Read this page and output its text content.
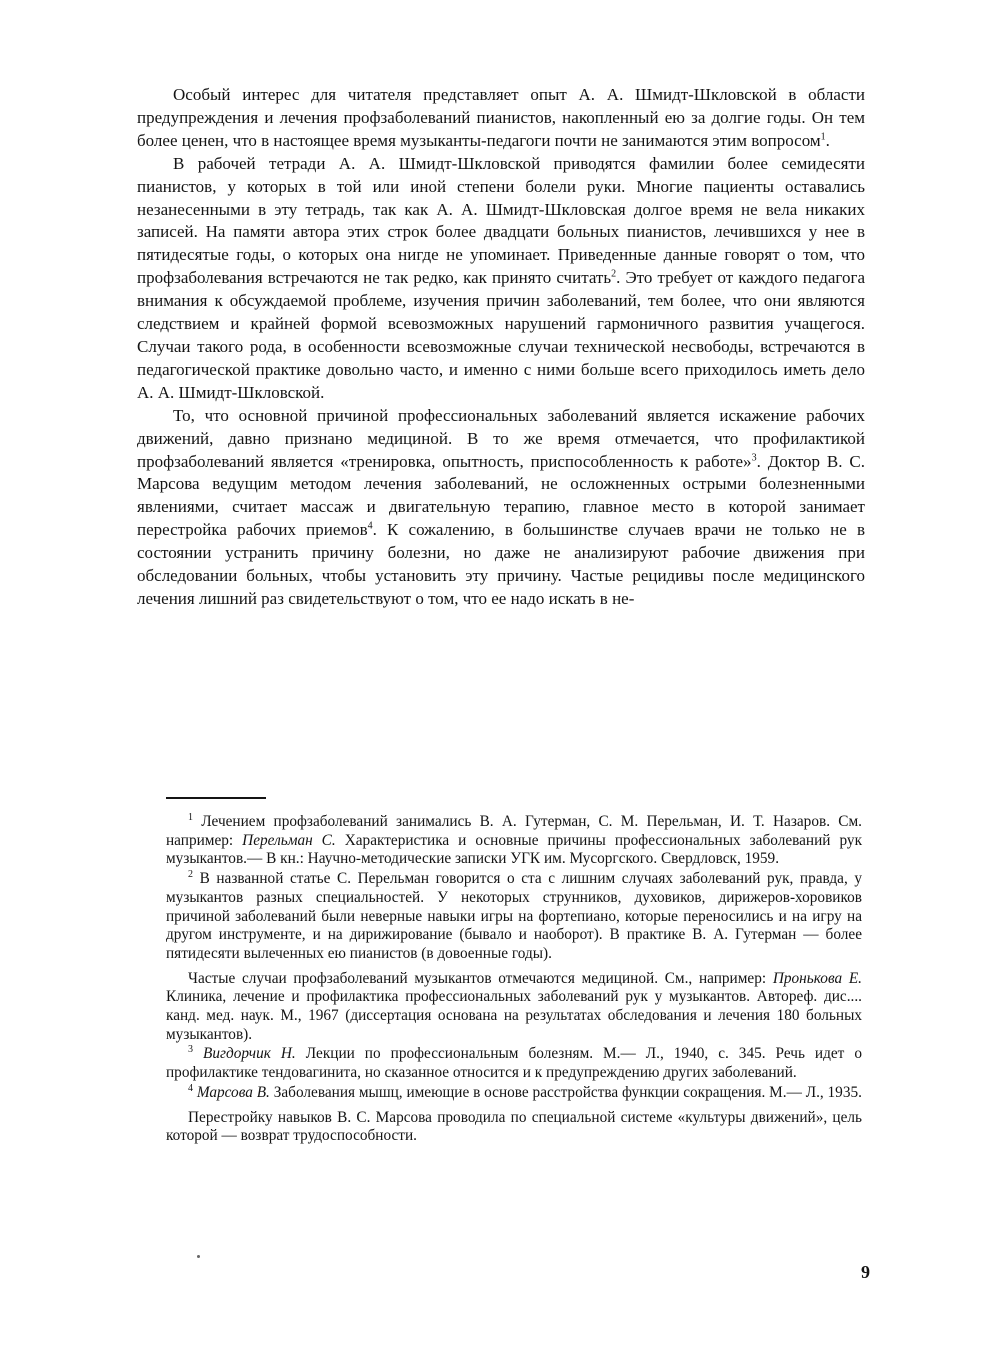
Особый интерес для читателя представляет опыт А. А. Шмидт-Шкловской в области предупреждения и лечения профзаболеваний пианистов, накопленный ею за долгие годы. Он тем более ценен, что в настоящее время музыканты-педагоги почти не занимаются этим вопросом$^1$.

В рабочей тетради А. А. Шмидт-Шкловской приводятся фамилии более семидесяти пианистов, у которых в той или иной степени болели руки. Многие пациенты оставались незанесенными в эту тетрадь, так как А. А. Шмидт-Шкловская долгое время не вела никаких записей. На памяти автора этих строк более двадцати больных пианистов, лечившихся у нее в пятидесятые годы, о которых она нигде не упоминает. Приведенные данные говорят о том, что профзаболевания встречаются не так редко, как принято считать$^2$. Это требует от каждого педагога внимания к обсуждаемой проблеме, изучения причин заболеваний, тем более, что они являются следствием и крайней формой всевозможных нарушений гармоничного развития учащегося. Случаи такого рода, в особенности всевозможные случаи технической несвободы, встречаются в педагогической практике довольно часто, и именно с ними больше всего приходилось иметь дело А. А. Шмидт-Шкловской.

То, что основной причиной профессиональных заболеваний является искажение рабочих движений, давно признано медициной. В то же время отмечается, что профилактикой профзаболеваний является «тренировка, опытность, приспособленность к работе»$^3$. Доктор В. С. Марсова ведущим методом лечения заболеваний, не осложненных острыми болезненными явлениями, считает массаж и двигательную терапию, главное место в которой занимает перестройка рабочих приемов$^4$. К сожалению, в большинстве случаев врачи не только не в состоянии устранить причину болезни, но даже не анализируют рабочие движения при обследовании больных, чтобы установить эту причину. Частые рецидивы после медицинского лечения лишний раз свидетельствуют о том, что ее надо искать в не-

$^1$ Лечением профзаболеваний занимались В. А. Гутерман, С. М. Перельман, И. Т. Назаров. См. например: Перельман С. Характеристика и основные причины профессиональных заболеваний рук музыкантов.— В кн.: Научно-методические записки УГК им. Мусоргского. Свердловск, 1959.

$^2$ В названной статье С. Перельман говорится о ста с лишним случаях заболеваний рук, правда, у музыкантов разных специальностей. У некоторых струнников, духовиков, дирижеров-хоровиков причиной заболеваний были неверные навыки игры на фортепиано, которые переносились и на игру на другом инструменте, и на дирижирование (бывало и наоборот). В практике В. А. Гутерман — более пятидесяти вылеченных ею пианистов (в довоенные годы).

Частые случаи профзаболеваний музыкантов отмечаются медициной. См., например: Пронькова Е. Клиника, лечение и профилактика профессиональных заболеваний рук у музыкантов. Автореф. дис.... канд. мед. наук. М., 1967 (диссертация основана на результатах обследования и лечения 180 больных музыкантов).

$^3$ Вигдорчик Н. Лекции по профессиональным болезням. М.— Л., 1940, с. 345. Речь идет о профилактике тендовагинита, но сказанное относится и к предупреждению других заболеваний.

$^4$ Марсова В. Заболевания мышц, имеющие в основе расстройства функции сокращения. М.— Л., 1935.

Перестройку навыков В. С. Марсова проводила по специальной системе «культуры движений», цель которой — возврат трудоспособности.

9
